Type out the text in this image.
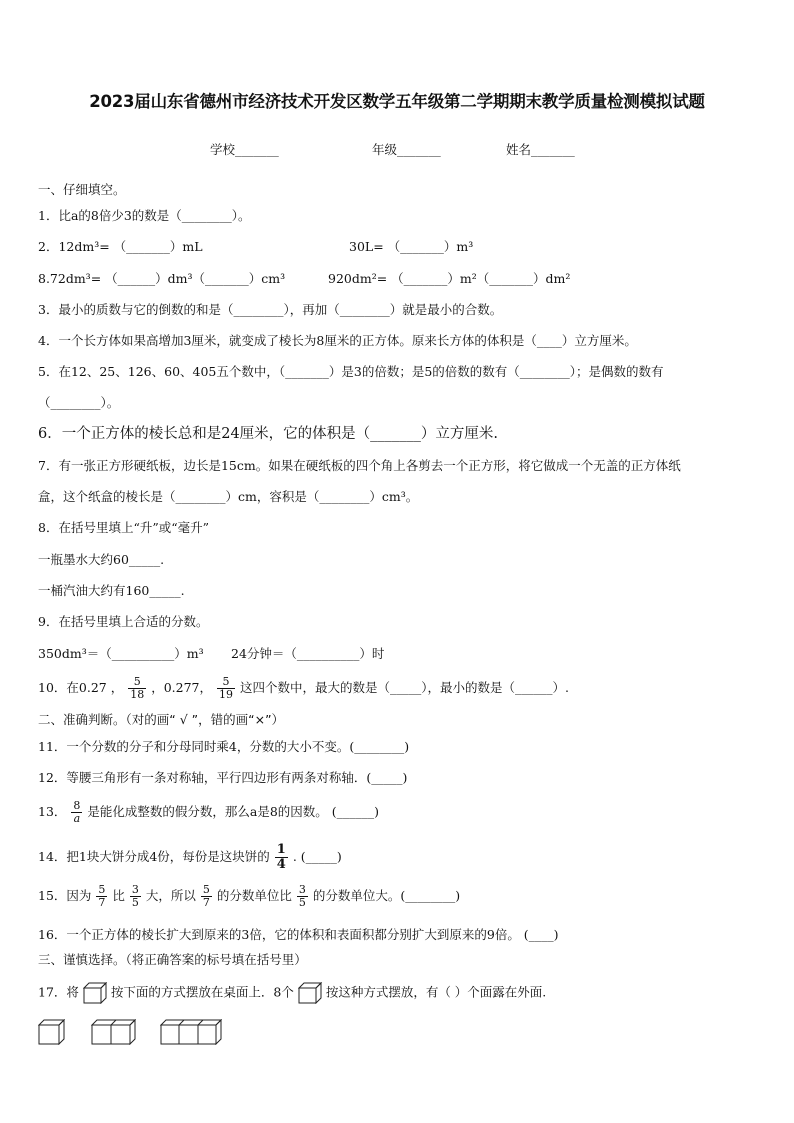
2023届山东省德州市经济技术开发区数学五年级第二学期期末教学质量检测模拟试题
学校_______	年级_______	姓名_______
一、仔细填空。
1．比a的8倍少3的数是（________）。
2．12dm³= （_______）mL	30L= （_______）m³
8.72dm³= （______）dm³（_______）cm³	920dm²= （_______）m²（_______）dm²
3．最小的质数与它的倒数的和是（________），再加（________）就是最小的合数。
4．一个长方体如果高增加3厘米，就变成了棱长为8厘米的正方体。原来长方体的体积是（____）立方厘米。
5．在12、25、126、60、405五个数中，（_______）是3的倍数；是5的倍数的数有（________）；是偶数的数有
（________）。
6．一个正方体的棱长总和是24厘米，它的体积是（_______）立方厘米.
7．有一张正方形硬纸板，边长是15cm。如果在硬纸板的四个角上各剪去一个正方形，将它做成一个无盖的正方体纸
盒，这个纸盒的棱长是（________）cm，容积是（________）cm³。
8．在括号里填上“升”或“毫升”
一瓶墨水大约60_____.
一桶汽油大约有160_____.
9．在括号里填上合适的分数。
350dm³＝（__________）m³ 24分钟＝（__________）时
10．在0.27 ， $\frac{5}{18}$ ，0.277， $\frac{5}{19}$ 这四个数中，最大的数是（_____），最小的数是（______）.
二、准确判断。（对的画“ √ ”，错的画“×”）
11．一个分数的分子和分母同时乘4，分数的大小不变。(________)
12．等腰三角形有一条对称轴，平行四边形有两条对称轴．(_____)
13． $\frac{8}{a}$ 是能化成整数的假分数，那么a是8的因数。 (______)
14．把1块大饼分成4份，每份是这块饼的 $\frac{1}{4}$ . (_____)
15．因为 $\frac{5}{7}$ 比 $\frac{3}{5}$ 大，所以 $\frac{5}{7}$ 的分数单位比 $\frac{3}{5}$ 的分数单位大。(________)
16．一个正方体的棱长扩大到原来的3倍，它的体积和表面积都分别扩大到原来的9倍。 (____)
三、谨慎选择。（将正确答案的标号填在括号里）
17．将	按下面的方式摆放在桌面上．8个	按这种方式摆放，有（ ）个面露在外面.
